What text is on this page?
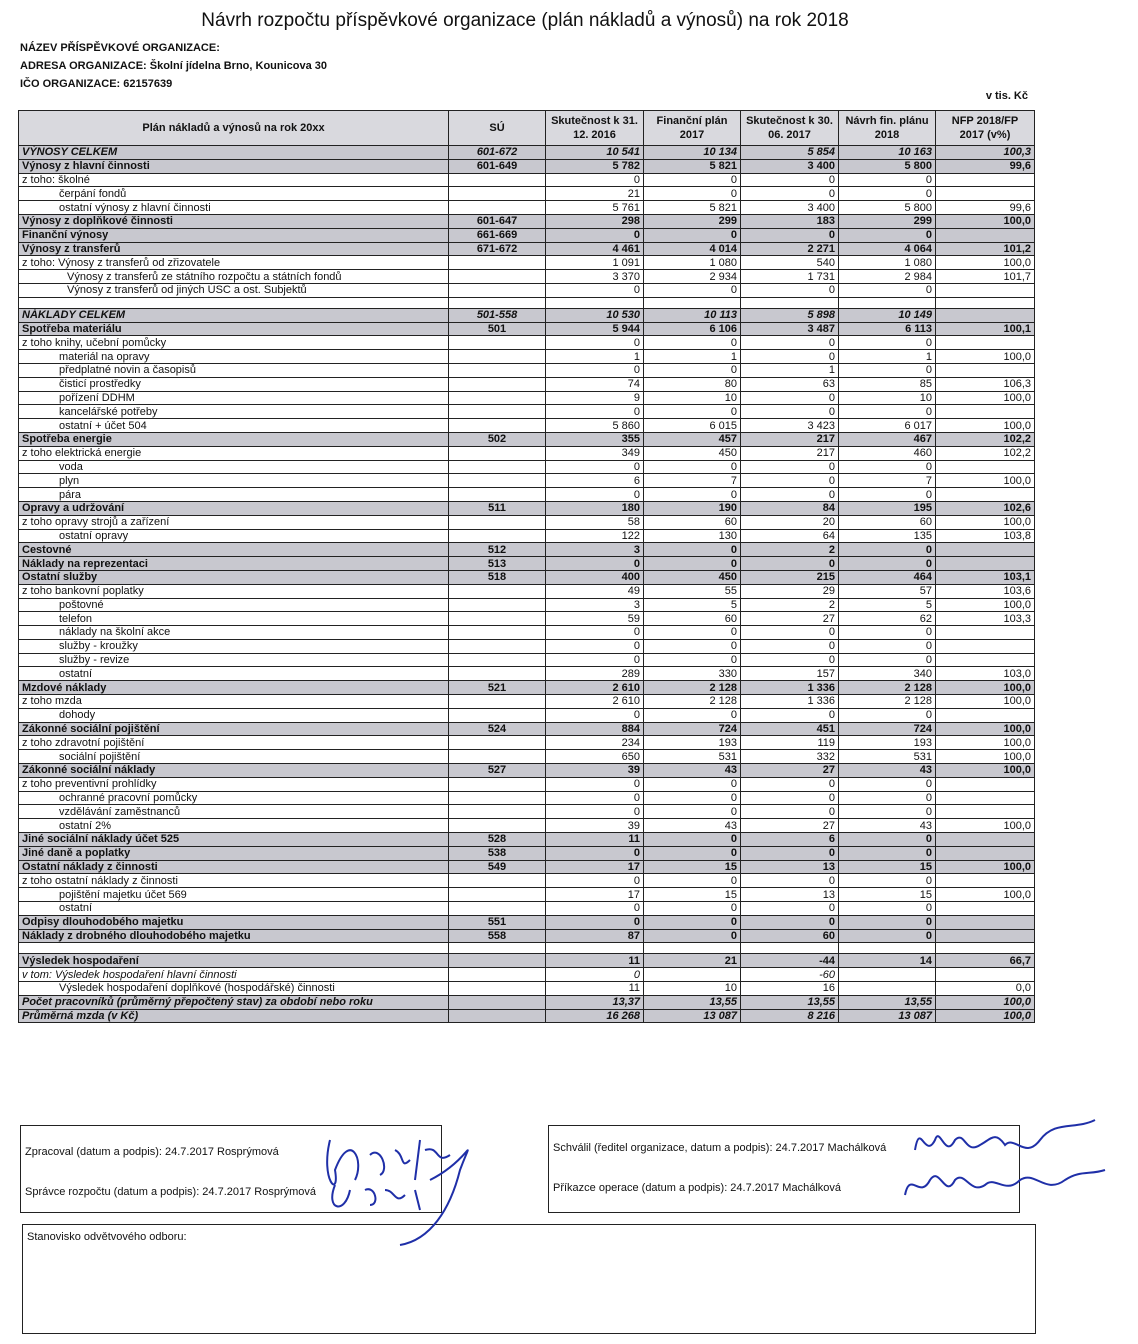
Návrh rozpočtu příspěvkové organizace (plán nákladů a výnosů) na rok 2018
NÁZEV PŘÍSPĚVKOVÉ ORGANIZACE:
ADRESA ORGANIZACE: Školní jídelna Brno, Kounicova 30
IČO ORGANIZACE: 62157639
v tis. Kč
Plán nákladů a výnosů na rok 20xx	SÚ	Skutečnost k 31. 12. 2016	Finanční plán 2017	Skutečnost k 30. 06. 2017	Návrh fin. plánu 2018	NFP 2018/FP 2017 (v%)
VÝNOSY CELKEM	601-672	10 541	10 134	5 854	10 163	100,3
Výnosy z hlavní činnosti	601-649	5 782	5 821	3 400	5 800	99,6
z toho: školné		0	0	0	0	
čerpání fondů		21	0	0	0	
ostatní výnosy z hlavní činnosti		5 761	5 821	3 400	5 800	99,6
Výnosy z doplňkové činnosti	601-647	298	299	183	299	100,0
Finanční výnosy	661-669	0	0	0	0	
Výnosy z transferů	671-672	4 461	4 014	2 271	4 064	101,2
z toho: Výnosy z transferů od zřizovatele		1 091	1 080	540	1 080	100,0
Výnosy z transferů ze státního rozpočtu a státních fondů		3 370	2 934	1 731	2 984	101,7
Výnosy z transferů od jiných ÚSC a ost. Subjektů		0	0	0	0	

NÁKLADY CELKEM	501-558	10 530	10 113	5 898	10 149	
Spotřeba materiálu	501	5 944	6 106	3 487	6 113	100,1
z toho knihy, učební pomůcky		0	0	0	0	
materiál na opravy		1	1	0	1	100,0
předplatné novin a časopisů		0	0	1	0	
čisticí prostředky		74	80	63	85	106,3
pořízení DDHM		9	10	0	10	100,0
kancelářské potřeby		0	0	0	0	
ostatní + účet 504		5 860	6 015	3 423	6 017	100,0
Spotřeba energie	502	355	457	217	467	102,2
z toho elektrická energie		349	450	217	460	102,2
voda		0	0	0	0	
plyn		6	7	0	7	100,0
pára		0	0	0	0	
Opravy a udržování	511	180	190	84	195	102,6
z toho opravy strojů a zařízení		58	60	20	60	100,0
ostatní opravy		122	130	64	135	103,8
Cestovné	512	3	0	2	0	
Náklady na reprezentaci	513	0	0	0	0	
Ostatní služby	518	400	450	215	464	103,1
z toho bankovní poplatky		49	55	29	57	103,6
poštovné		3	5	2	5	100,0
telefon		59	60	27	62	103,3
náklady na školní akce		0	0	0	0	
služby - kroužky		0	0	0	0	
služby - revize		0	0	0	0	
ostatní		289	330	157	340	103,0
Mzdové náklady	521	2 610	2 128	1 336	2 128	100,0
z toho mzda		2 610	2 128	1 336	2 128	100,0
dohody		0	0	0	0	
Zákonné sociální pojištění	524	884	724	451	724	100,0
z toho zdravotní pojištění		234	193	119	193	100,0
sociální pojištění		650	531	332	531	100,0
Zákonné sociální náklady	527	39	43	27	43	100,0
z toho preventivní prohlídky		0	0	0	0	
ochranné pracovní pomůcky		0	0	0	0	
vzdělávání zaměstnanců		0	0	0	0	
ostatní 2%		39	43	27	43	100,0
Jiné sociální náklady účet 525	528	11	0	6	0	
Jiné daně a poplatky	538	0	0	0	0	
Ostatní náklady z činnosti	549	17	15	13	15	100,0
z toho ostatní náklady z činnosti		0	0	0	0	
pojištění majetku účet 569		17	15	13	15	100,0
ostatní		0	0	0	0	
Odpisy dlouhodobého majetku	551	0	0	0	0	
Náklady z drobného dlouhodobého majetku	558	87	0	60	0	

Výsledek hospodaření		11	21	-44	14	66,7
v tom: Výsledek hospodaření hlavní činnosti		0		-60		
Výsledek hospodaření doplňkové (hospodářské) činnosti		11	10	16		0,0
Počet pracovníků (průměrný přepočtený stav) za období nebo roku		13,37	13,55	13,55	13,55	100,0
Průměrná mzda (v Kč)		16 268	13 087	8 216	13 087	100,0
Zpracoval (datum a podpis): 24.7.2017 Rosprýmová
Správce rozpočtu (datum a podpis): 24.7.2017 Rosprýmová
Schválil (ředitel organizace, datum a podpis): 24.7.2017 Machálková
Příkazce operace (datum a podpis): 24.7.2017 Machálková
Stanovisko odvětvového odboru:
